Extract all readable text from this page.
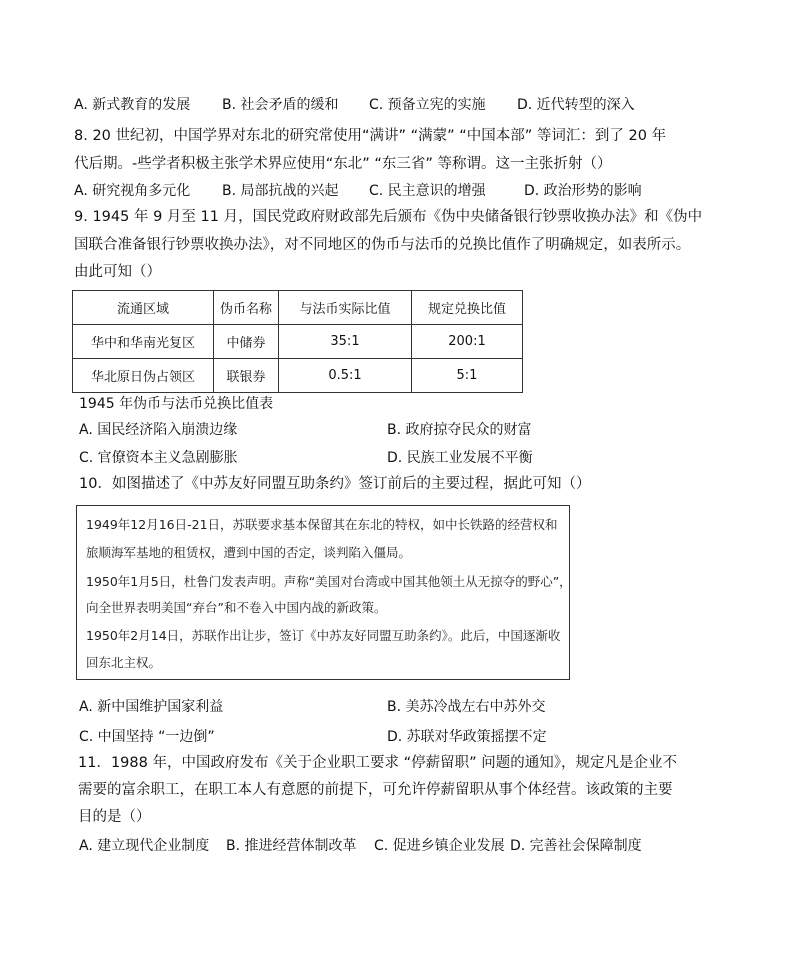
A. 新式教育的发展 B. 社会矛盾的缓和 C. 预备立宪的实施 D. 近代转型的深入
8. 20 世纪初，中国学界对东北的研究常使用“满讲” “满蒙” “中国本部” 等词汇：到了 20 年
代后期。-些学者积极主张学术界应使用“东北” “东三省” 等称谓。这一主张折射（）
A. 研究视角多元化 B. 局部抗战的兴起 C. 民主意识的增强	D. 政治形势的影响
9. 1945 年 9 月至 11 月，国民党政府财政部先后颁布《伪中央储备银行钞票收换办法》和《伪中
国联合准备银行钞票收换办法》，对不同地区的伪币与法币的兑换比值作了明确规定，如表所示。
由此可知（）
流通区域	伪币名称	与法币实际比值	规定兑换比值
华中和华南光复区	中储券	35:1	200:1
华北原日伪占领区	联银券	0.5:1	5:1
1945 年伪币与法币兑换比值表
A. 国民经济陷入崩溃边缘	B. 政府掠夺民众的财富
C. 官僚资本主义急剧膨胀	D. 民族工业发展不平衡
10．如图描述了《中苏友好同盟互助条约》签订前后的主要过程，据此可知（）

1949年12月16日-21日，苏联要求基本保留其在东北的特权，如中长铁路的经营权和

旅顺海军基地的租赁权，遭到中国的否定，谈判陷入僵局。

1950年1月5日，杜鲁门发表声明。声称“美国对台湾或中国其他领土从无掠夺的野心”，

向全世界表明美国“弃台”和不卷入中国内战的新政策。

1950年2月14日，苏联作出让步，签订《中苏友好同盟互助条约》。此后，中国逐渐收

回东北主权。

A. 新中国维护国家利益	B. 美苏冷战左右中苏外交
C. 中国坚持 “一边倒”	D. 苏联对华政策摇摆不定
11．1988 年，中国政府发布《关于企业职工要求 “停薪留职” 问题的通知》，规定凡是企业不
需要的富余职工，在职工本人有意愿的前提下，可允许停薪留职从事个体经营。该政策的主要
目的是（）
A. 建立现代企业制度 B. 推进经营体制改革 C. 促进乡镇企业发展 D. 完善社会保障制度
